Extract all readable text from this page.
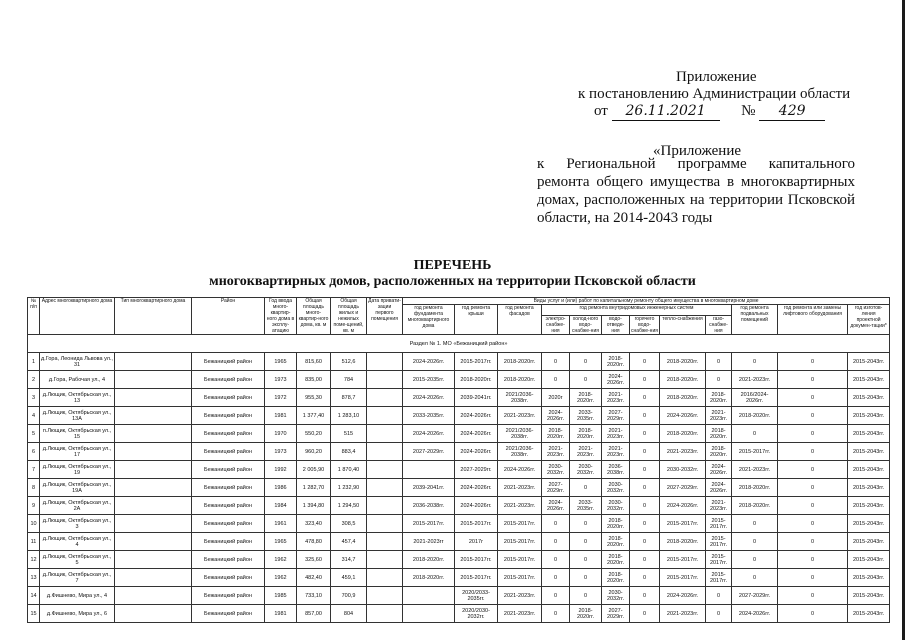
Приложение
к постановлению Администрации области
от 26.11.2021 № 429
«Приложение
к Региональной программе капитального ремонта общего имущества в многоквартирных домах, расположенных на территории Псковской области, на 2014-2043 годы
ПЕРЕЧЕНЬ
многоквартирных домов, расположенных на территории Псковской области
№ п/п	Адрес многоквартирного дома	Тип многоквартирного дома	Район	Год ввода много-квартир-ного дома в эксплу-атацию	Общая площадь много-квартир-ного дома, кв. м	Общая площадь жилых и нежилых поме-щений, кв. м	Дата привати-зации первого помещения	Виды услуг и (или) работ по капитальному ремонту общего имущества в многоквартирном доме											
								год ремонта фундамента многоквартирного дома	год ремонта крыши	год ремонта фасадов	год ремонта внутридомовых инженерных систем						год ремонта подвальных помещений	год ремонта или замены лифтового оборудования	год изготов-ления проектной докумен-тации*
											электро-снабже-ния	холод-ного водо-снабже-ния	водо-отведе-ния	горячего водо-снабже-ния	тепло-снабжения	газо-снабже-ния			
Раздел № 1. МО «Бежаницкий район»																			
1	д.Гора, Леонида Львова ул., 31		Бежаницкий район	1965	815,60	512,6		2024-2026гг.	2015-2017гг.	2018-2020гг.	0	0	2018-2020гг.	0	2018-2020гг.	0	0	0	2015-2043гг.
2	д.Гора, Рабочая ул., 4		Бежаницкий район	1973	835,00	784		2015-2035гг.	2018-2020гг.	2018-2020гг.	0	0	2024-2026гг.	0	2018-2020гг.	0	2021-2023гг.	0	2015-2043гг.
3	д.Лющик, Октябрьская ул., 13		Бежаницкий район	1972	955,30	878,7		2024-2026гг.	2039-2041гг.	2021/2036-2038гг.	2020г	2018-2020гг.	2021-2023гг.	0	2018-2020гг.	2018-2020гг.	2016/2024-2026гг.	0	2015-2043гг.
4	д.Лющик, Октябрьская ул., 13А		Бежаницкий район	1981	1 377,40	1 283,10		2033-2035гг.	2024-2026гг.	2021-2023гг.	2024-2026гг.	2033-2035гг.	2027-2029гг.	0	2024-2026гг.	2021-2023гг.	2018-2020гг.	0	2015-2043гг.
5	п.Лющик, Октябрьская ул., 15		Бежаницкий район	1970	550,20	515		2024-2026гг.	2024-2026гг.	2021/2036-2038гг.	2018-2020гг.	2018-2020гг.	2021-2023гг.	0	2018-2020гг.	2018-2020гг.	0	0	2015-2043гг.
6	д.Лющик, Октябрьская ул., 17		Бежаницкий район	1973	960,20	883,4		2027-2029гг.	2024-2026гг.	2021/2036-2038гг.	2021-2023гг.	2021-2023гг.	2021-2023гг.	0	2021-2023гг.	2018-2020гг.	2015-2017гг.	0	2015-2043гг.
7	д.Лющик, Октябрьская ул., 19		Бежаницкий район	1992	2 005,90	1 870,40			2027-2029гг.	2024-2026гг.	2030-2032гг.	2030-2032гг.	2036-2038гг.	0	2030-2032гг.	2024-2026гг.	2021-2023гг.	0	2015-2043гг.
8	д.Лющик, Октябрьская ул., 19А		Бежаницкий район	1986	1 282,70	1 232,90		2039-2041гг.	2024-2026гг.	2021-2023гг.	2027-2029гг.	0	2030-2032гг.	0	2027-2029гг.	2024-2026гг.	2018-2020гг.	0	2015-2043гг.
9	д.Лющик, Октябрьская ул., 2А		Бежаницкий район	1984	1 394,80	1 294,50		2036-2038гг.	2024-2026гг.	2021-2023гг.	2024-2026гг.	2033-2035гг.	2030-2032гг.	0	2024-2026гг.	2021-2023гг.	2018-2020гг.	0	2015-2043гг.
10	д.Лющик, Октябрьская ул., 3		Бежаницкий район	1961	323,40	308,5		2015-2017гг.	2015-2017гг.	2015-2017гг.	0	0	2018-2020гг.	0	2015-2017гг.	2015-2017гг.	0	0	2015-2043гг.
11	д.Лющик, Октябрьская ул., 4		Бежаницкий район	1965	478,80	457,4		2021-2023гг	2017г	2015-2017гг.	0	0	2018-2020гг.	0	2018-2020гг.	2015-2017гг.	0	0	2015-2043гг.
12	д.Лющик, Октябрьская ул., 5		Бежаницкий район	1962	325,60	314,7		2018-2020гг.	2015-2017гг.	2015-2017гг.	0	0	2018-2020гг.	0	2015-2017гг.	2015-2017гг.	0	0	2015-2043гг.
13	д.Лющик, Октябрьская ул., 7		Бежаницкий район	1962	482,40	459,1		2018-2020гг.	2015-2017гг.	2015-2017гг.	0	0	2018-2020гг.	0	2015-2017гг.	2015-2017гг.	0	0	2015-2043гг.
14	д.Фишнево, Мира ул., 4		Бежаницкий район	1985	733,10	700,9			2020/2033-2035гг.	2021-2023гг.	0	0	2030-2032гг.	0	2024-2026гг.	0	2027-2029гг.	0	2015-2043гг.
15	д.Фишнево, Мира ул., 6		Бежаницкий район	1981	857,00	804			2020/2030-2032гг.	2021-2023гг.	0	2018-2020гг.	2027-2029гг.	0	2021-2023гг.	0	2024-2026гг.	0	2015-2043гг.
